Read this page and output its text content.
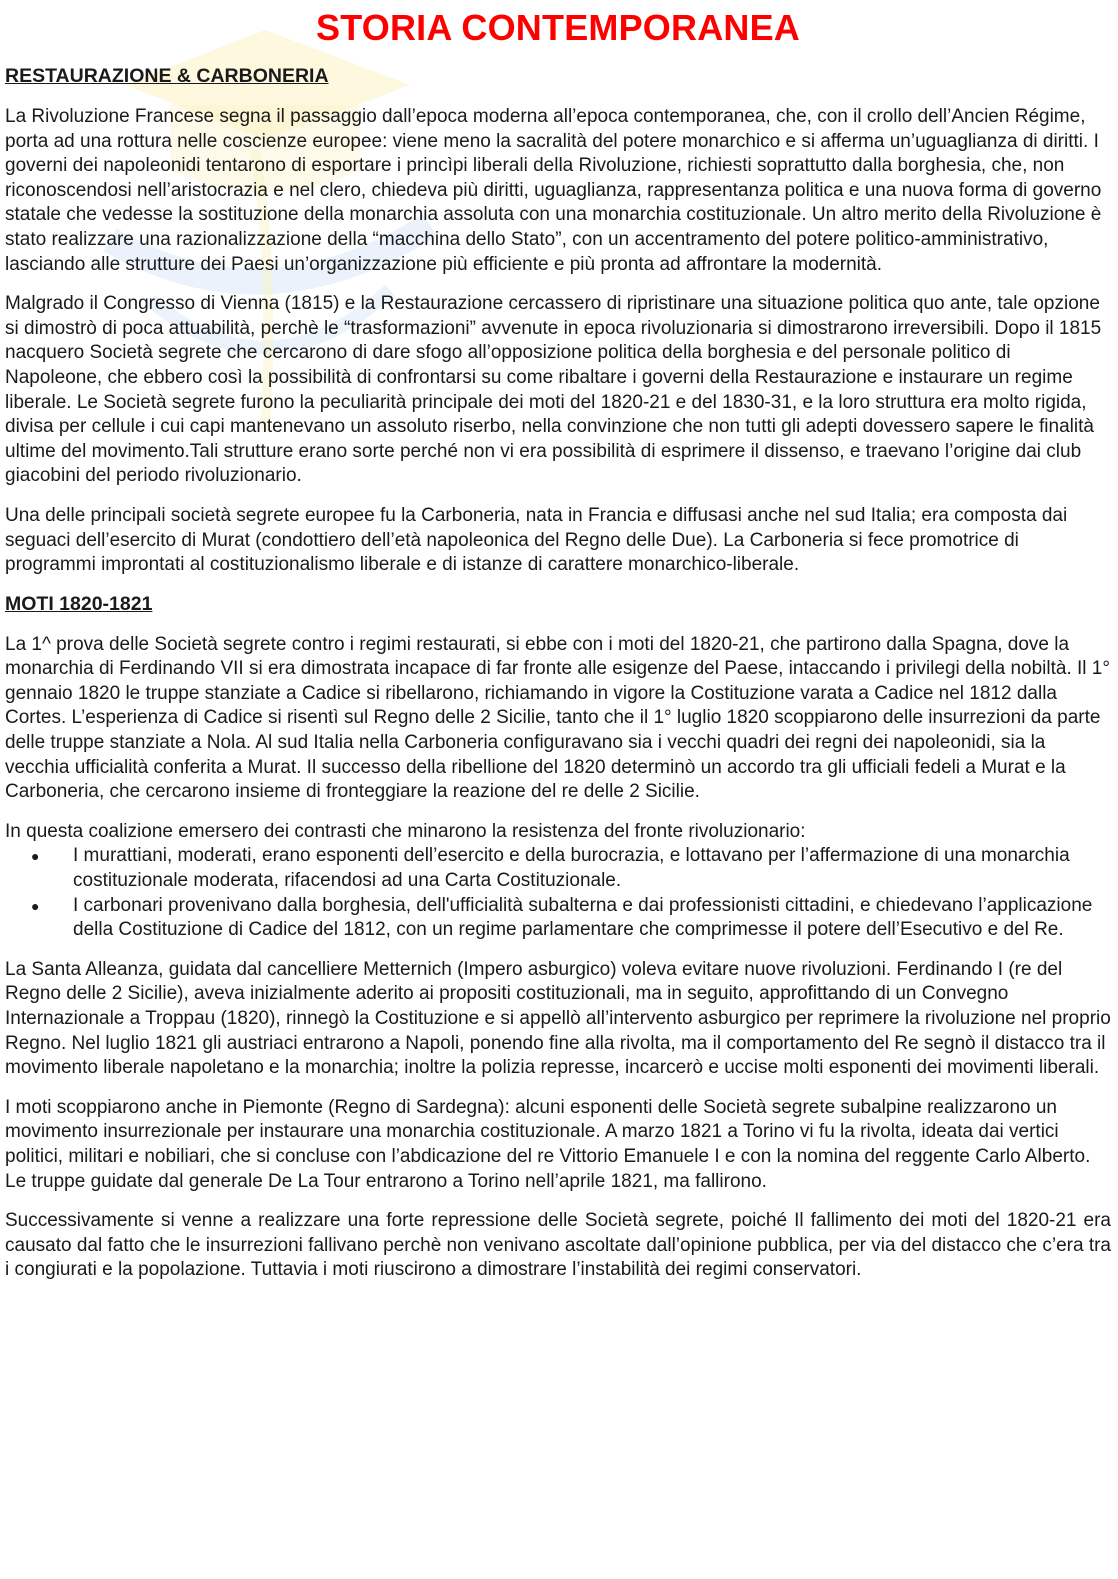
STORIA CONTEMPORANEA
RESTAURAZIONE & CARBONERIA

La Rivoluzione Francese segna il passaggio dall’epoca moderna all’epoca contemporanea, che, con il crollo dell’Ancien Régime, porta ad una rottura nelle coscienze europee: viene meno la sacralità del potere monarchico e si afferma un’uguaglianza di diritti. I governi dei napoleonidi tentarono di esportare i princìpi liberali della Rivoluzione, richiesti soprattutto dalla borghesia, che, non riconoscendosi nell’aristocrazia e nel clero, chiedeva più diritti, uguaglianza, rappresentanza politica e una nuova forma di governo statale che vedesse la sostituzione della monarchia assoluta con una monarchia costituzionale. Un altro merito della Rivoluzione è stato realizzare una razionalizzazione della “macchina dello Stato”, con un accentramento del potere politico-amministrativo, lasciando alle strutture dei Paesi un’organizzazione più efficiente e più pronta ad affrontare la modernità.

Malgrado il Congresso di Vienna (1815) e la Restaurazione cercassero di ripristinare una situazione politica quo ante, tale opzione si dimostrò di poca attuabilità, perchè le “trasformazioni” avvenute in epoca rivoluzionaria si dimostrarono irreversibili. Dopo il 1815 nacquero Società segrete che cercarono di dare sfogo all’opposizione politica della borghesia e del personale politico di Napoleone, che ebbero così la possibilità di confrontarsi su come ribaltare i governi della Restaurazione e instaurare un regime liberale. Le Società segrete furono la peculiarità principale dei moti del 1820-21 e del 1830-31, e la loro struttura era molto rigida, divisa per cellule i cui capi mantenevano un assoluto riserbo, nella convinzione che non tutti gli adepti dovessero sapere le finalità ultime del movimento.Tali strutture erano sorte perché non vi era possibilità di esprimere il dissenso, e traevano l’origine dai club giacobini del periodo rivoluzionario.

Una delle principali società segrete europee fu la Carboneria, nata in Francia e diffusasi anche nel sud Italia; era composta dai seguaci dell’esercito di Murat (condottiero dell’età napoleonica del Regno delle Due). La Carboneria si fece promotrice di programmi improntati al costituzionalismo liberale e di istanze di carattere monarchico-liberale.

MOTI 1820-1821

La 1^ prova delle Società segrete contro i regimi restaurati, si ebbe con i moti del 1820-21, che partirono dalla Spagna, dove la monarchia di Ferdinando VII si era dimostrata incapace di far fronte alle esigenze del Paese, intaccando i privilegi della nobiltà. Il 1° gennaio 1820 le truppe stanziate a Cadice si ribellarono, richiamando in vigore la Costituzione varata a Cadice nel 1812 dalla Cortes. L’esperienza di Cadice si risentì sul Regno delle 2 Sicilie, tanto che il 1° luglio 1820 scoppiarono delle insurrezioni da parte delle truppe stanziate a Nola. Al sud Italia nella Carboneria configuravano sia i vecchi quadri dei regni dei napoleonidi, sia la vecchia ufficialità conferita a Murat. Il successo della ribellione del 1820 determinò un accordo tra gli ufficiali fedeli a Murat e la Carboneria, che cercarono insieme di fronteggiare la reazione del re delle 2 Sicilie.

In questa coalizione emersero dei contrasti che minarono la resistenza del fronte rivoluzionario:

● I murattiani, moderati, erano esponenti dell’esercito e della burocrazia, e lottavano per l’affermazione di una monarchia costituzionale moderata, rifacendosi ad una Carta Costituzionale.
● I carbonari provenivano dalla borghesia, dell'ufficialità subalterna e dai professionisti cittadini, e chiedevano l’applicazione della Costituzione di Cadice del 1812, con un regime parlamentare che comprimesse il potere dell’Esecutivo e del Re.

La Santa Alleanza, guidata dal cancelliere Metternich (Impero asburgico) voleva evitare nuove rivoluzioni. Ferdinando I (re del Regno delle 2 Sicilie), aveva inizialmente aderito ai propositi costituzionali, ma in seguito, approfittando di un Convegno Internazionale a Troppau (1820), rinnegò la Costituzione e si appellò all’intervento asburgico per reprimere la rivoluzione nel proprio Regno. Nel luglio 1821 gli austriaci entrarono a Napoli, ponendo fine alla rivolta, ma il comportamento del Re segnò il distacco tra il movimento liberale napoletano e la monarchia; inoltre la polizia represse, incarcerò e uccise molti esponenti dei movimenti liberali.

I moti scoppiarono anche in Piemonte (Regno di Sardegna): alcuni esponenti delle Società segrete subalpine realizzarono un movimento insurrezionale per instaurare una monarchia costituzionale. A marzo 1821 a Torino vi fu la rivolta, ideata dai vertici politici, militari e nobiliari, che si concluse con l’abdicazione del re Vittorio Emanuele I e con la nomina del reggente Carlo Alberto. Le truppe guidate dal generale De La Tour entrarono a Torino nell’aprile 1821, ma fallirono.

Successivamente si venne a realizzare una forte repressione delle Società segrete, poiché Il fallimento dei moti del 1820-21 era causato dal fatto che le insurrezioni fallivano perchè non venivano ascoltate dall’opinione pubblica, per via del distacco che c’era tra i congiurati e la popolazione. Tuttavia i moti riuscirono a dimostrare l’instabilità dei regimi conservatori.
